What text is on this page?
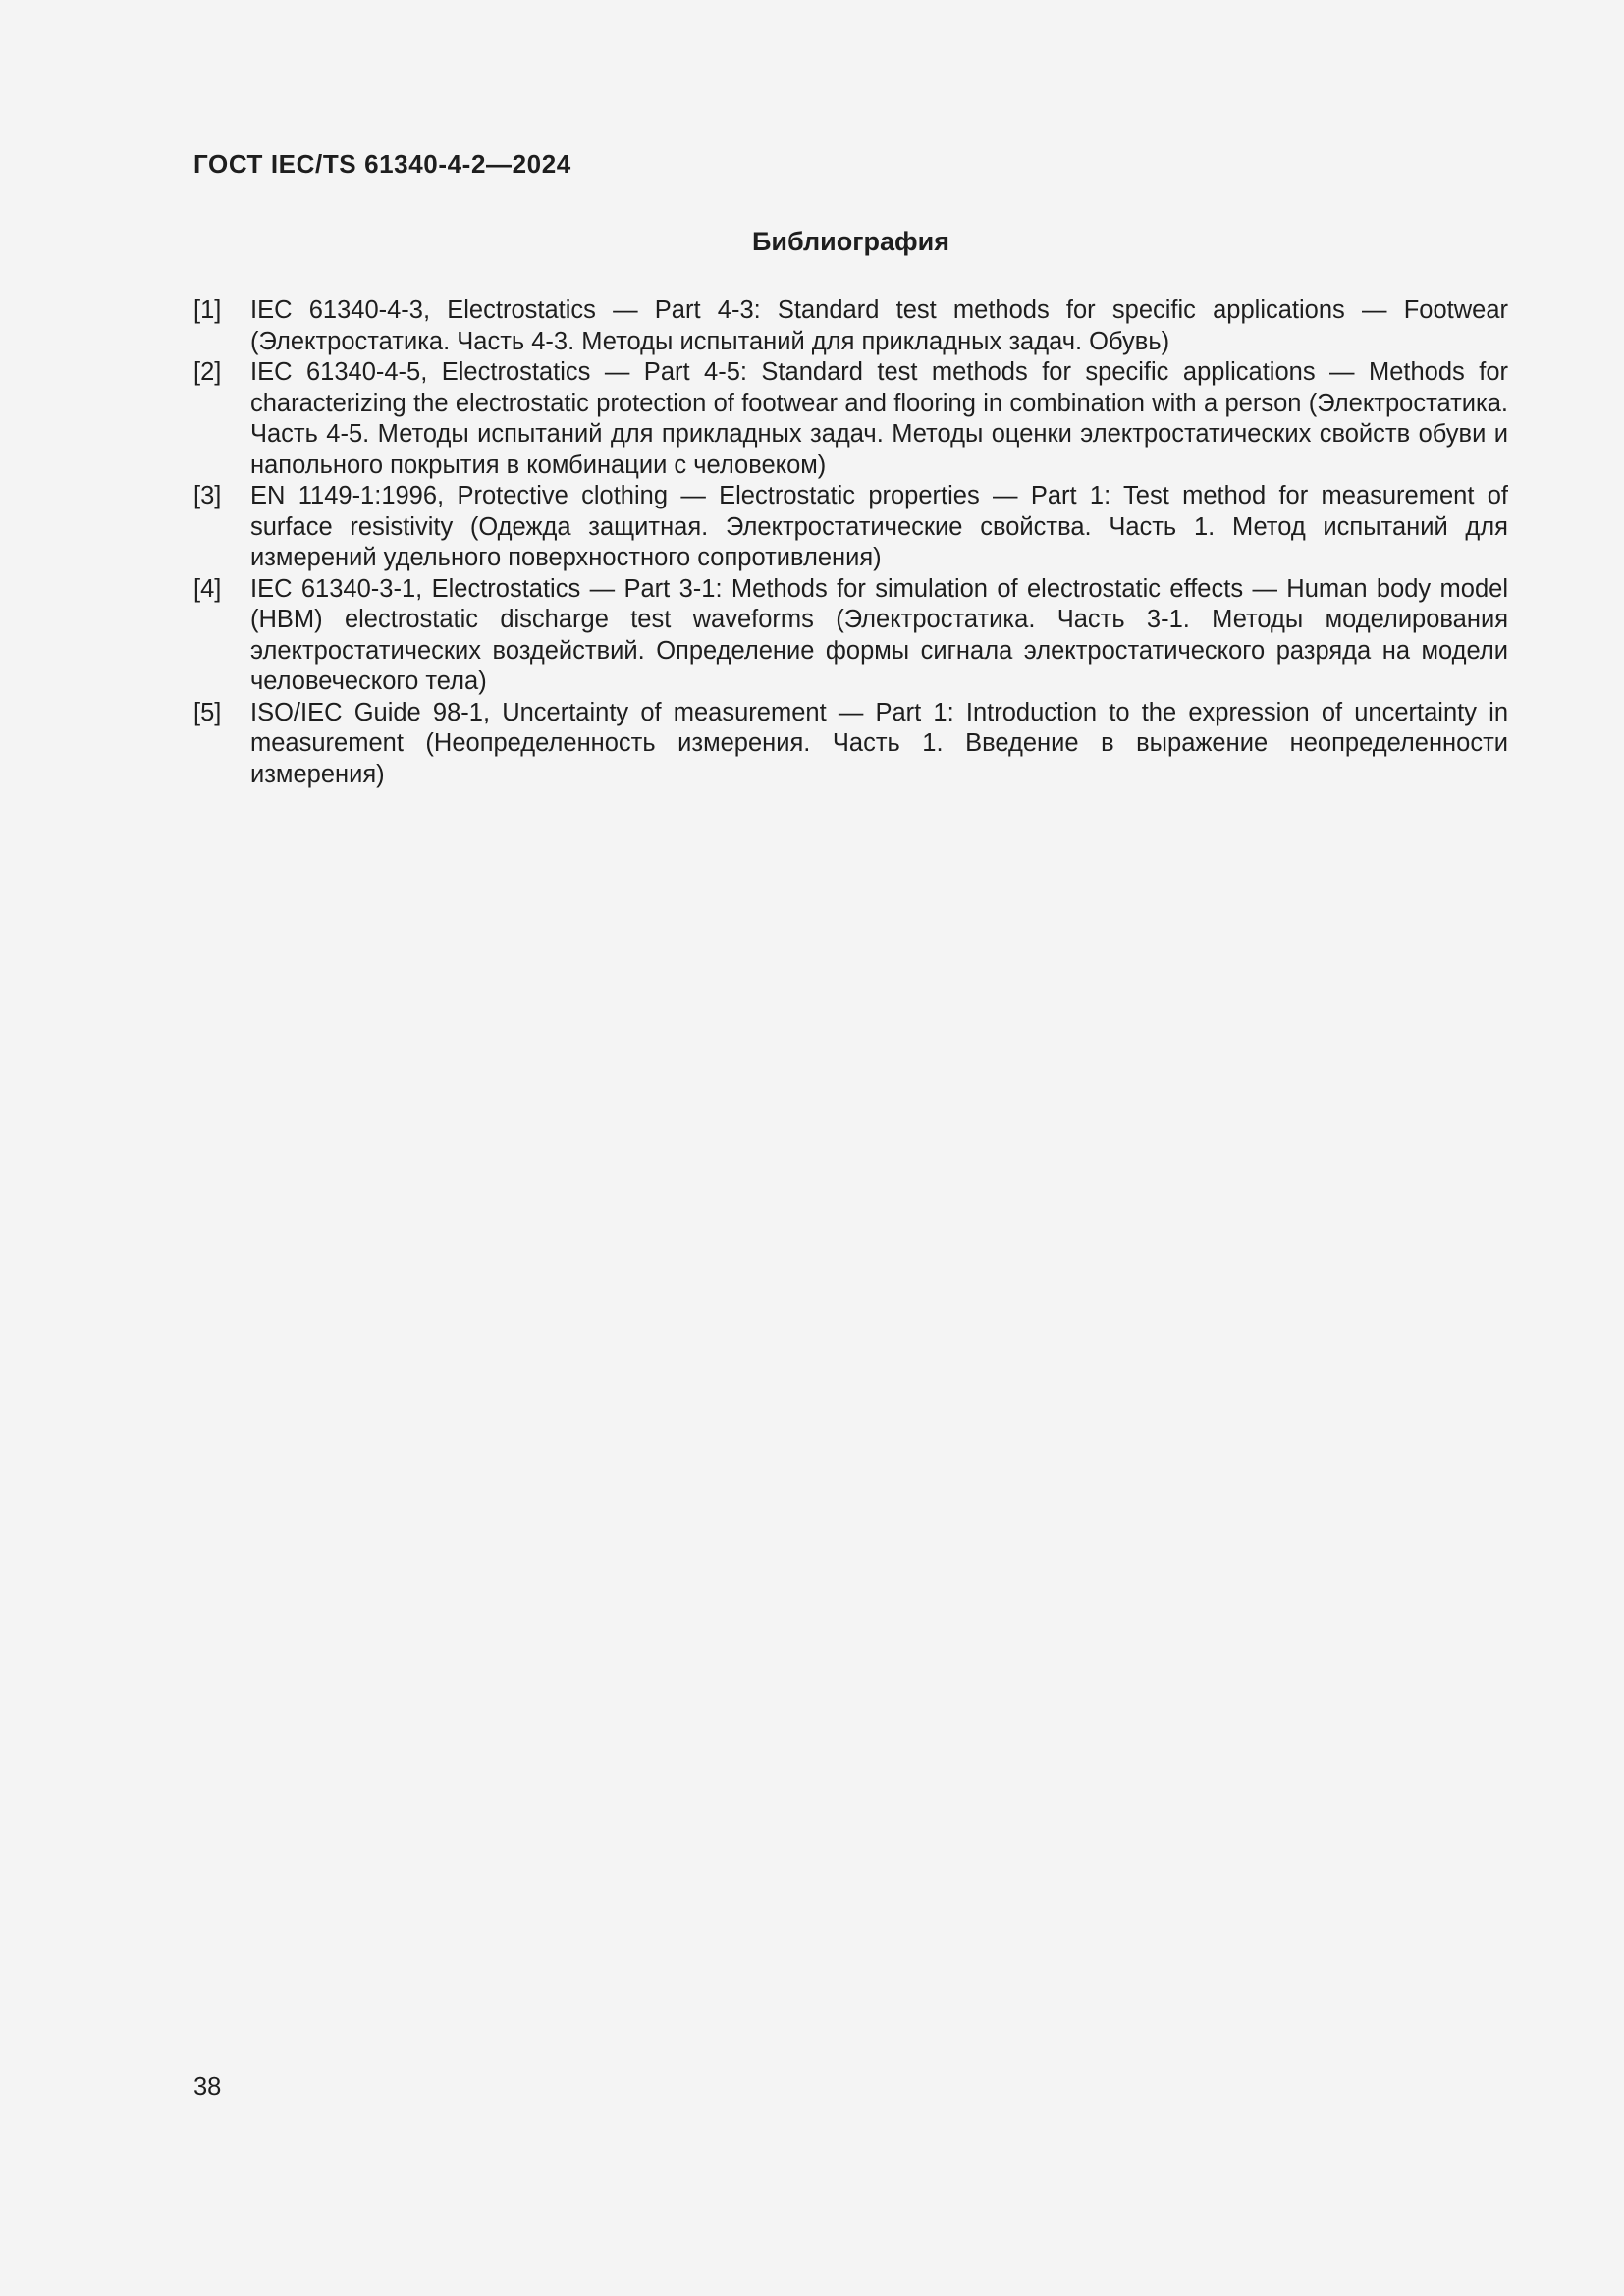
ГОСТ IEC/TS 61340-4-2—2024
Библиография
[1]	IEC 61340-4-3, Electrostatics — Part 4-3: Standard test methods for specific applications — Footwear (Электростатика. Часть 4-3. Методы испытаний для прикладных задач. Обувь)
[2]	IEC 61340-4-5, Electrostatics — Part 4-5: Standard test methods for specific applications — Methods for characterizing the electrostatic protection of footwear and flooring in combination with a person (Электростатика. Часть 4-5. Методы испытаний для прикладных задач. Методы оценки электростатических свойств обуви и напольного покрытия в комбинации с человеком)
[3]	EN 1149-1:1996, Protective clothing — Electrostatic properties — Part 1: Test method for measurement of surface resistivity (Одежда защитная. Электростатические свойства. Часть 1. Метод испытаний для измерений удельного поверхностного сопротивления)
[4]	IEC 61340-3-1, Electrostatics — Part 3-1: Methods for simulation of electrostatic effects — Human body model (HBM) electrostatic discharge test waveforms (Электростатика. Часть 3-1. Методы моделирования электростатических воздействий. Определение формы сигнала электростатического разряда на модели человеческого тела)
[5]	ISO/IEC Guide 98-1, Uncertainty of measurement — Part 1: Introduction to the expression of uncertainty in measurement (Неопределенность измерения. Часть 1. Введение в выражение неопределенности измерения)
38
